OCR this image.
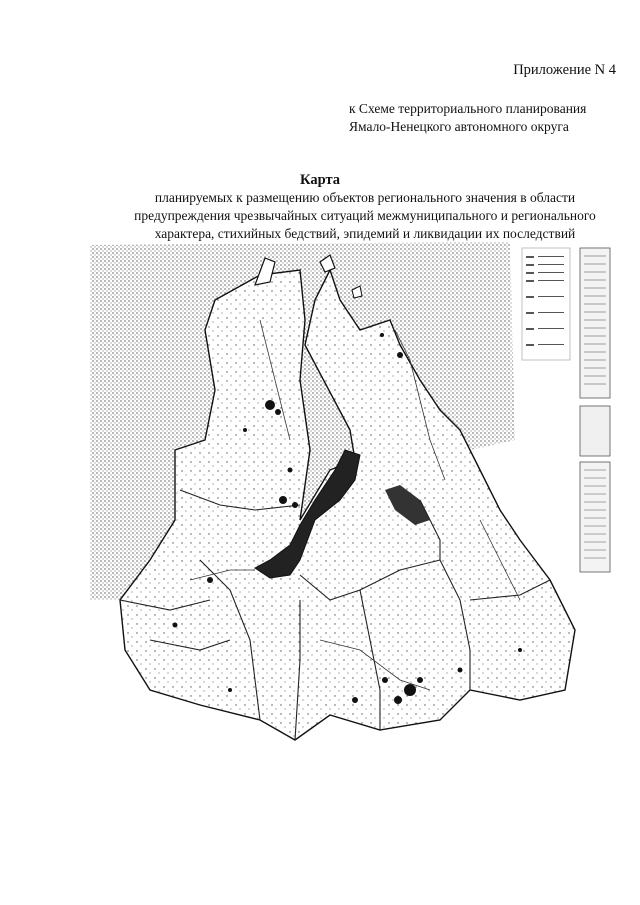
Приложение N 4
к Схеме территориального планирования
Ямало-Ненецкого автономного округа
Карта
планируемых к размещению объектов регионального значения в области
предупреждения чрезвычайных ситуаций межмуниципального и регионального
характера, стихийных бедствий, эпидемий и ликвидации их последствий
